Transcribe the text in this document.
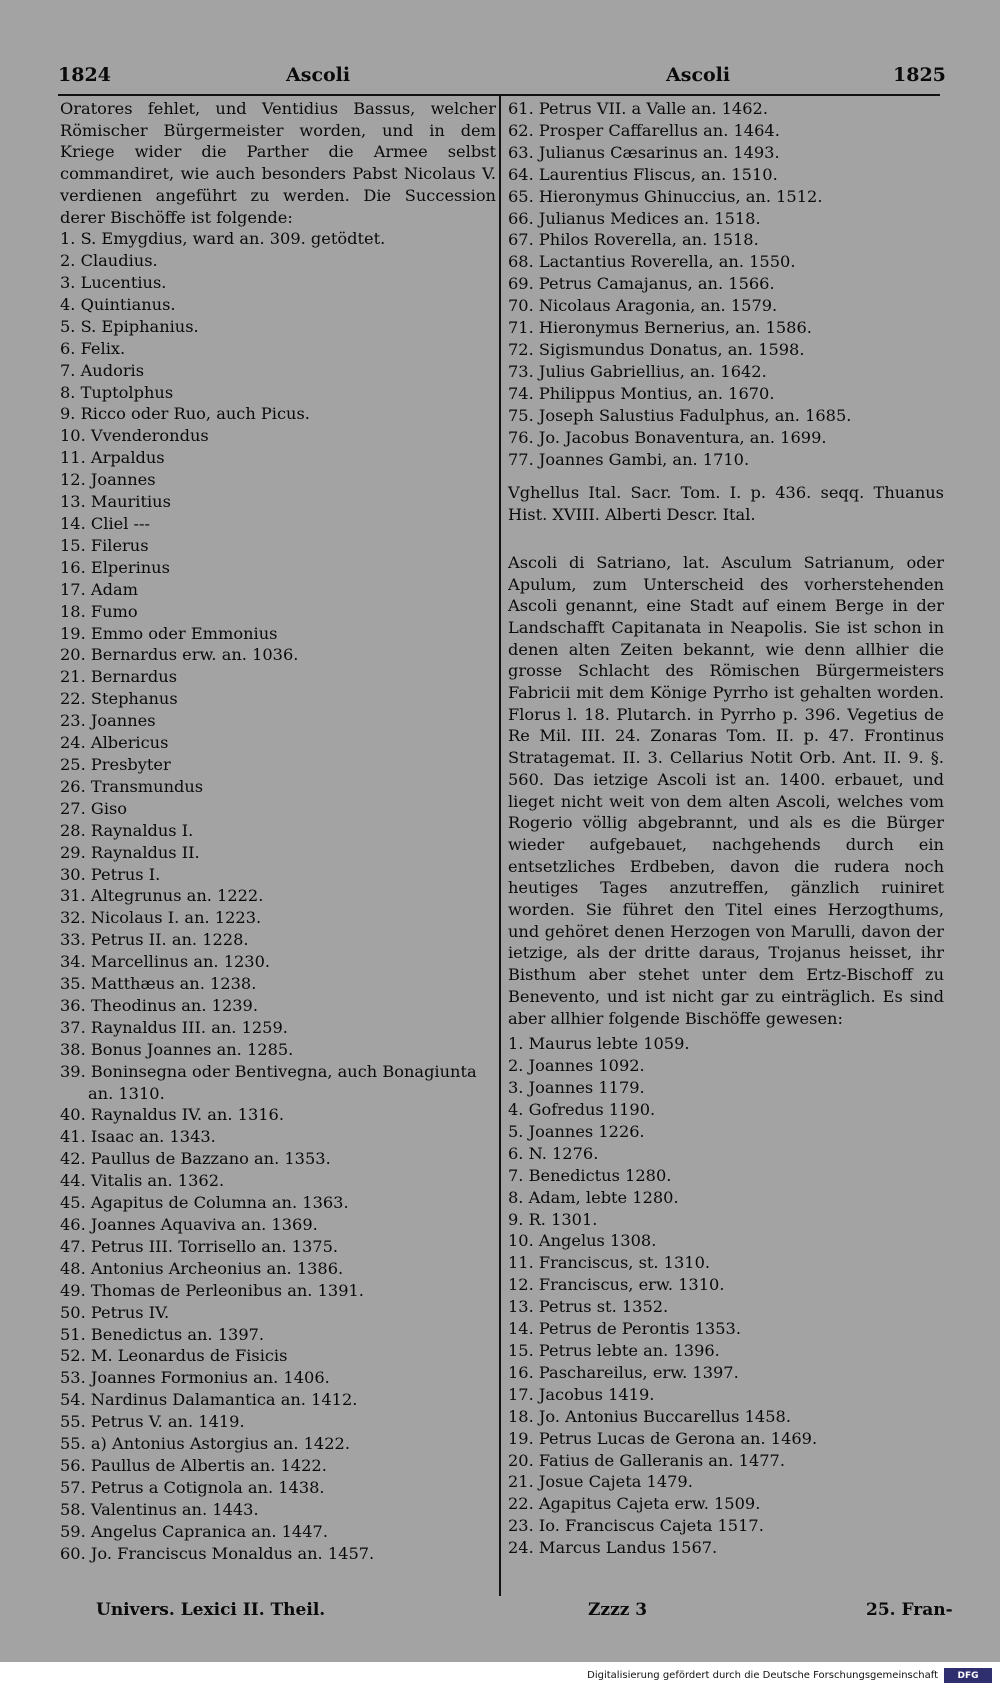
1824	Ascoli	Ascoli	1825

Oratores fehlet, und Ventidius Bassus, welcher Römischer Bürgermeister worden, und in dem Kriege wider die Parther die Armee selbst commandiret, wie auch besonders Pabst Nicolaus V. verdienen angeführt zu werden. Die Succession derer Bischöffe ist folgende:

1. S. Emygdius, ward an. 309. getödtet.
2. Claudius.
3. Lucentius.
4. Quintianus.
5. S. Epiphanius.
6. Felix.
7. Audoris
8. Tuptolphus
9. Ricco oder Ruo, auch Picus.
10. Vvenderondus
11. Arpaldus
12. Joannes
13. Mauritius
14. Cliel ---
15. Filerus
16. Elperinus
17. Adam
18. Fumo
19. Emmo oder Emmonius
20. Bernardus erw. an. 1036.
21. Bernardus
22. Stephanus
23. Joannes
24. Albericus
25. Presbyter
26. Transmundus
27. Giso
28. Raynaldus I.
29. Raynaldus II.
30. Petrus I.
31. Altegrunus an. 1222.
32. Nicolaus I. an. 1223.
33. Petrus II. an. 1228.
34. Marcellinus an. 1230.
35. Matthæus an. 1238.
36. Theodinus an. 1239.
37. Raynaldus III. an. 1259.
38. Bonus Joannes an. 1285.
39. Boninsegna oder Bentivegna, auch Bonagiunta an. 1310.
40. Raynaldus IV. an. 1316.
41. Isaac an. 1343.
42. Paullus de Bazzano an. 1353.
44. Vitalis an. 1362.
45. Agapitus de Columna an. 1363.
46. Joannes Aquaviva an. 1369.
47. Petrus III. Torrisello an. 1375.
48. Antonius Archeonius an. 1386.
49. Thomas de Perleonibus an. 1391.
50. Petrus IV.
51. Benedictus an. 1397.
52. M. Leonardus de Fisicis
53. Joannes Formonius an. 1406.
54. Nardinus Dalamantica an. 1412.
55. Petrus V. an. 1419.
55. a) Antonius Astorgius an. 1422.
56. Paullus de Albertis an. 1422.
57. Petrus a Cotignola an. 1438.
58. Valentinus an. 1443.
59. Angelus Capranica an. 1447.
60. Jo. Franciscus Monaldus an. 1457.
61. Petrus VII. a Valle an. 1462.
62. Prosper Caffarellus an. 1464.
63. Julianus Cæsarinus an. 1493.
64. Laurentius Fliscus, an. 1510.
65. Hieronymus Ghinuccius, an. 1512.
66. Julianus Medices an. 1518.
67. Philos Roverella, an. 1518.
68. Lactantius Roverella, an. 1550.
69. Petrus Camajanus, an. 1566.
70. Nicolaus Aragonia, an. 1579.
71. Hieronymus Bernerius, an. 1586.
72. Sigismundus Donatus, an. 1598.
73. Julius Gabriellius, an. 1642.
74. Philippus Montius, an. 1670.
75. Joseph Salustius Fadulphus, an. 1685.
76. Jo. Jacobus Bonaventura, an. 1699.
77. Joannes Gambi, an. 1710.

Vghellus Ital. Sacr. Tom. I. p. 436. seqq. Thuanus Hist. XVIII. Alberti Descr. Ital.

Ascoli di Satriano, lat. Asculum Satrianum, oder Apulum, zum Unterscheid des vorherstehenden Ascoli genannt, eine Stadt auf einem Berge in der Landschafft Capitanata in Neapolis. Sie ist schon in denen alten Zeiten bekannt, wie denn allhier die grosse Schlacht des Römischen Bürgermeisters Fabricii mit dem Könige Pyrrho ist gehalten worden. Florus l. 18. Plutarch. in Pyrrho p. 396. Vegetius de Re Mil. III. 24. Zonaras Tom. II. p. 47. Frontinus Stratagemat. II. 3. Cellarius Notit Orb. Ant. II. 9. §. 560. Das ietzige Ascoli ist an. 1400. erbauet, und lieget nicht weit von dem alten Ascoli, welches vom Rogerio völlig abgebrannt, und als es die Bürger wieder aufgebauet, nachgehends durch ein entsetzliches Erdbeben, davon die rudera noch heutiges Tages anzutreffen, gänzlich ruiniret worden. Sie führet den Titel eines Herzogthums, und gehöret denen Herzogen von Marulli, davon der ietzige, als der dritte daraus, Trojanus heisset, ihr Bisthum aber stehet unter dem Ertz-Bischoff zu Benevento, und ist nicht gar zu einträglich. Es sind aber allhier folgende Bischöffe gewesen:

1. Maurus lebte 1059.
2. Joannes 1092.
3. Joannes 1179.
4. Gofredus 1190.
5. Joannes 1226.
6. N. 1276.
7. Benedictus 1280.
8. Adam, lebte 1280.
9. R. 1301.
10. Angelus 1308.
11. Franciscus, st. 1310.
12. Franciscus, erw. 1310.
13. Petrus st. 1352.
14. Petrus de Perontis 1353.
15. Petrus lebte an. 1396.
16. Paschareilus, erw. 1397.
17. Jacobus 1419.
18. Jo. Antonius Buccarellus 1458.
19. Petrus Lucas de Gerona an. 1469.
20. Fatius de Galleranis an. 1477.
21. Josue Cajeta 1479.
22. Agapitus Cajeta erw. 1509.
23. Io. Franciscus Cajeta 1517.
24. Marcus Landus 1567.
Univers. Lexici II. Theil.	Zzzz 3	25. Fran-
Digitalisierung gefördert durch die Deutsche Forschungsgemeinschaft	DFG
